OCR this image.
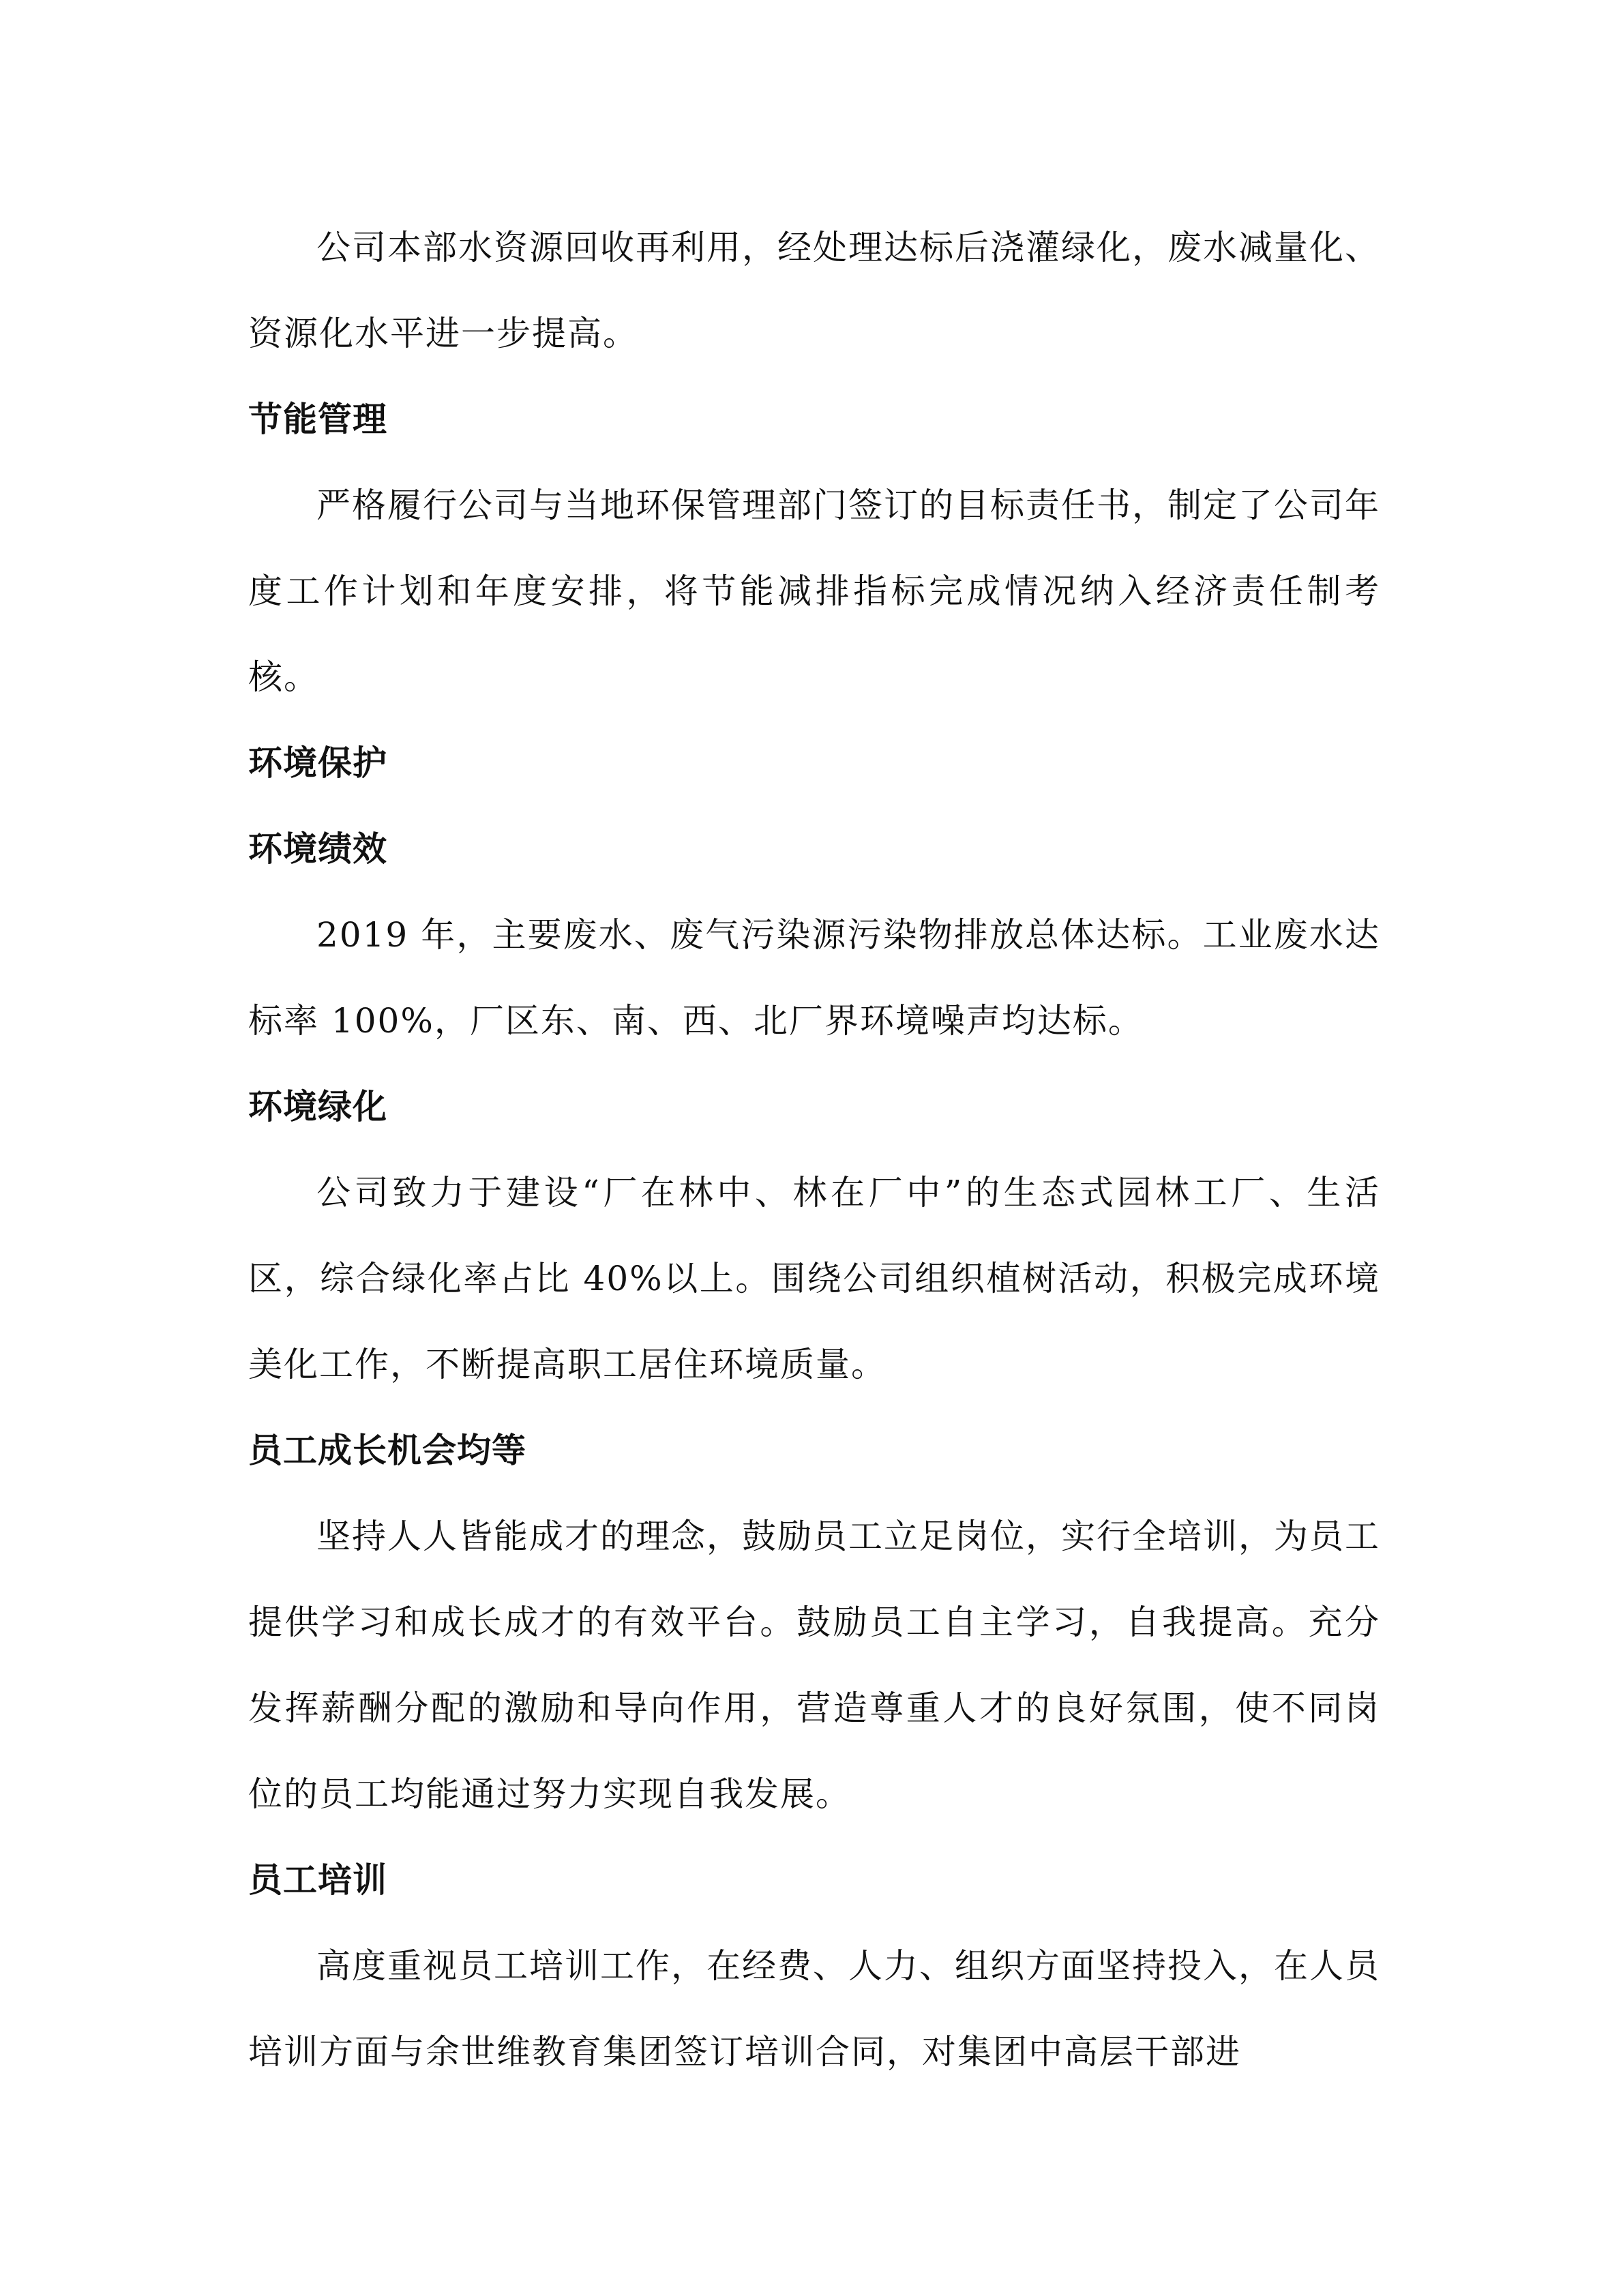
公司本部水资源回收再利用，经处理达标后浇灌绿化，废水减量化、资源化水平进一步提高。

节能管理

严格履行公司与当地环保管理部门签订的目标责任书，制定了公司年度工作计划和年度安排，将节能减排指标完成情况纳入经济责任制考核。

环境保护
环境绩效

2019 年，主要废水、废气污染源污染物排放总体达标。工业废水达标率 100%，厂区东、南、西、北厂界环境噪声均达标。

环境绿化

公司致力于建设“厂在林中、林在厂中”的生态式园林工厂、生活区，综合绿化率占比 40%以上。围绕公司组织植树活动，积极完成环境美化工作，不断提高职工居住环境质量。

员工成长机会均等

坚持人人皆能成才的理念，鼓励员工立足岗位，实行全培训，为员工提供学习和成长成才的有效平台。鼓励员工自主学习，自我提高。充分发挥薪酬分配的激励和导向作用，营造尊重人才的良好氛围，使不同岗位的员工均能通过努力实现自我发展。

员工培训

高度重视员工培训工作，在经费、人力、组织方面坚持投入，在人员培训方面与余世维教育集团签订培训合同，对集团中高层干部进
